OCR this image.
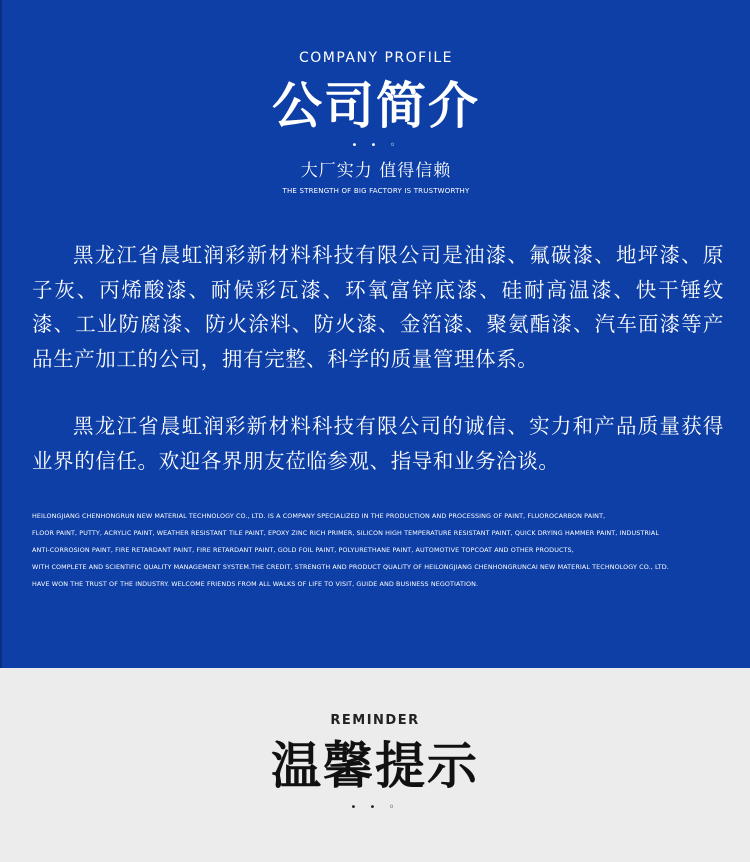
COMPANY PROFILE
公司简介
• • ◦
大厂实力 值得信赖
THE STRENGTH OF BIG FACTORY IS TRUSTWORTHY

黑龙江省晨虹润彩新材料科技有限公司是油漆、氟碳漆、地坪漆、原子灰、丙烯酸漆、耐候彩瓦漆、环氧富锌底漆、硅耐高温漆、快干锤纹漆、工业防腐漆、防火涂料、防火漆、金箔漆、聚氨酯漆、汽车面漆等产品生产加工的公司，拥有完整、科学的质量管理体系。

黑龙江省晨虹润彩新材料科技有限公司的诚信、实力和产品质量获得业界的信任。欢迎各界朋友莅临参观、指导和业务洽谈。

HEILONGJIANG CHENHONGRUN NEW MATERIAL TECHNOLOGY CO., LTD. IS A COMPANY SPECIALIZED IN THE PRODUCTION AND PROCESSING OF PAINT, FLUOROCARBON PAINT,
FLOOR PAINT, PUTTY, ACRYLIC PAINT, WEATHER RESISTANT TILE PAINT, EPOXY ZINC RICH PRIMER, SILICON HIGH TEMPERATURE RESISTANT PAINT, QUICK DRYING HAMMER PAINT, INDUSTRIAL
ANTI-CORROSION PAINT, FIRE RETARDANT PAINT, FIRE RETARDANT PAINT, GOLD FOIL PAINT, POLYURETHANE PAINT, AUTOMOTIVE TOPCOAT AND OTHER PRODUCTS,
WITH COMPLETE AND SCIENTIFIC QUALITY MANAGEMENT SYSTEM.THE CREDIT, STRENGTH AND PRODUCT QUALITY OF HEILONGJIANG CHENHONGRUNCAI NEW MATERIAL TECHNOLOGY CO., LTD.
HAVE WON THE TRUST OF THE INDUSTRY. WELCOME FRIENDS FROM ALL WALKS OF LIFE TO VISIT, GUIDE AND BUSINESS NEGOTIATION.
REMINDER
温馨提示
• • ◦
